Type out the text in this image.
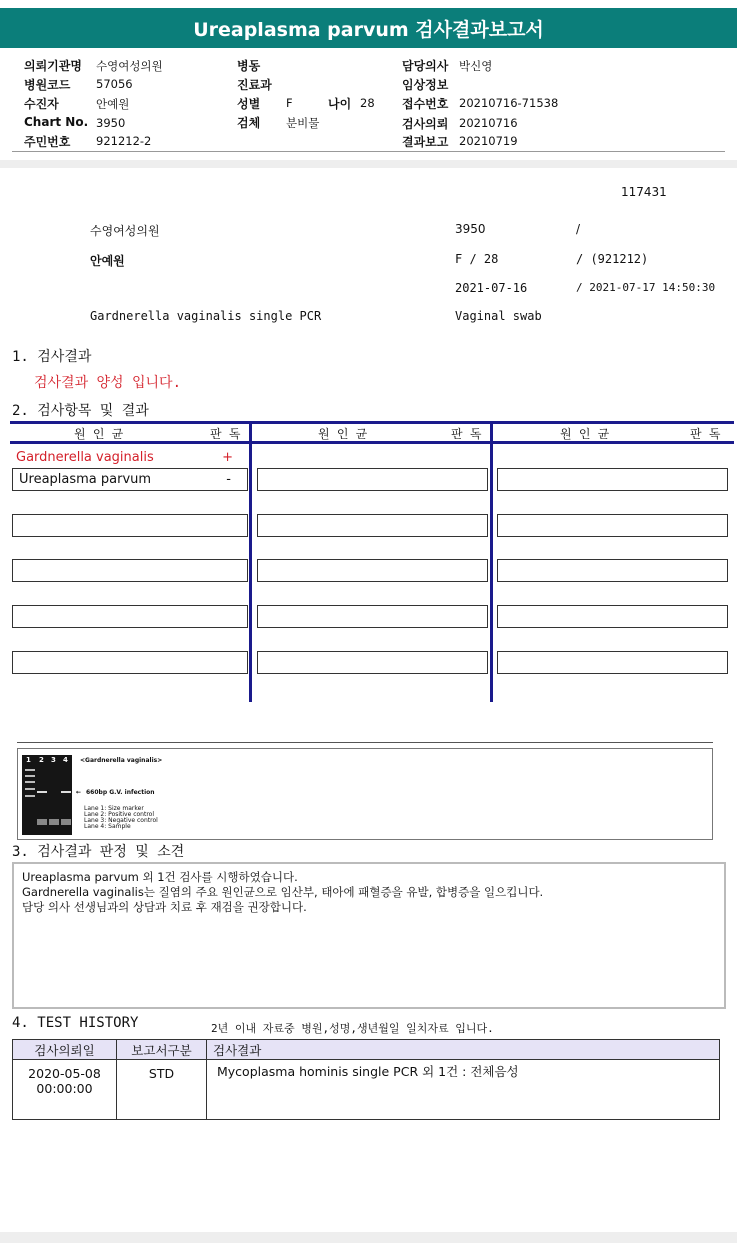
Ureaplasma parvum 검사결과보고서
의뢰기관명 수영여성의원
병원코드 57056
수진자	안예원
Chart No. 3950
주민번호 921212-2
병동
진료과
성별 F	나이 28
검체 분비물
담당의사 박신영
임상정보
접수번호 20210716-71538
검사의뢰 20210716
결과보고 20210719
117431
수영여성의원	3950	/
안예원	F / 28	/ (921212)
2021-07-16	/ 2021-07-17 14:50:30
Gardnerella vaginalis single PCR	Vaginal swab
1. 검사결과
검사결과 양성 입니다.
2. 검사항목 및 결과
원 인 균	판 독	원 인 균	판 독	원 인 균	판 독
Gardnerella vaginalis	+
Ureaplasma parvum	-
1 2 3 4 <Gardnerella vaginalis>
← 660bp G.V. infection
Lane 1: Size marker
Lane 2: Positive control
Lane 3: Negative control
Lane 4: Sample
3. 검사결과 판정 및 소견
Ureaplasma parvum 외 1건 검사를 시행하였습니다.
Gardnerella vaginalis는 질염의 주요 원인균으로 임산부, 태아에 패혈증을 유발, 합병증을 일으킵니다.
담당 의사 선생님과의 상담과 치료 후 재검을 권장합니다.
4. TEST HISTORY	2년 이내 자료중 병원,성명,생년월일 일치자료 입니다.
검사의뢰일	보고서구분	검사결과

2020-05-08
00:00:00	STD	Mycoplasma hominis single PCR 외 1건 : 전체음성
